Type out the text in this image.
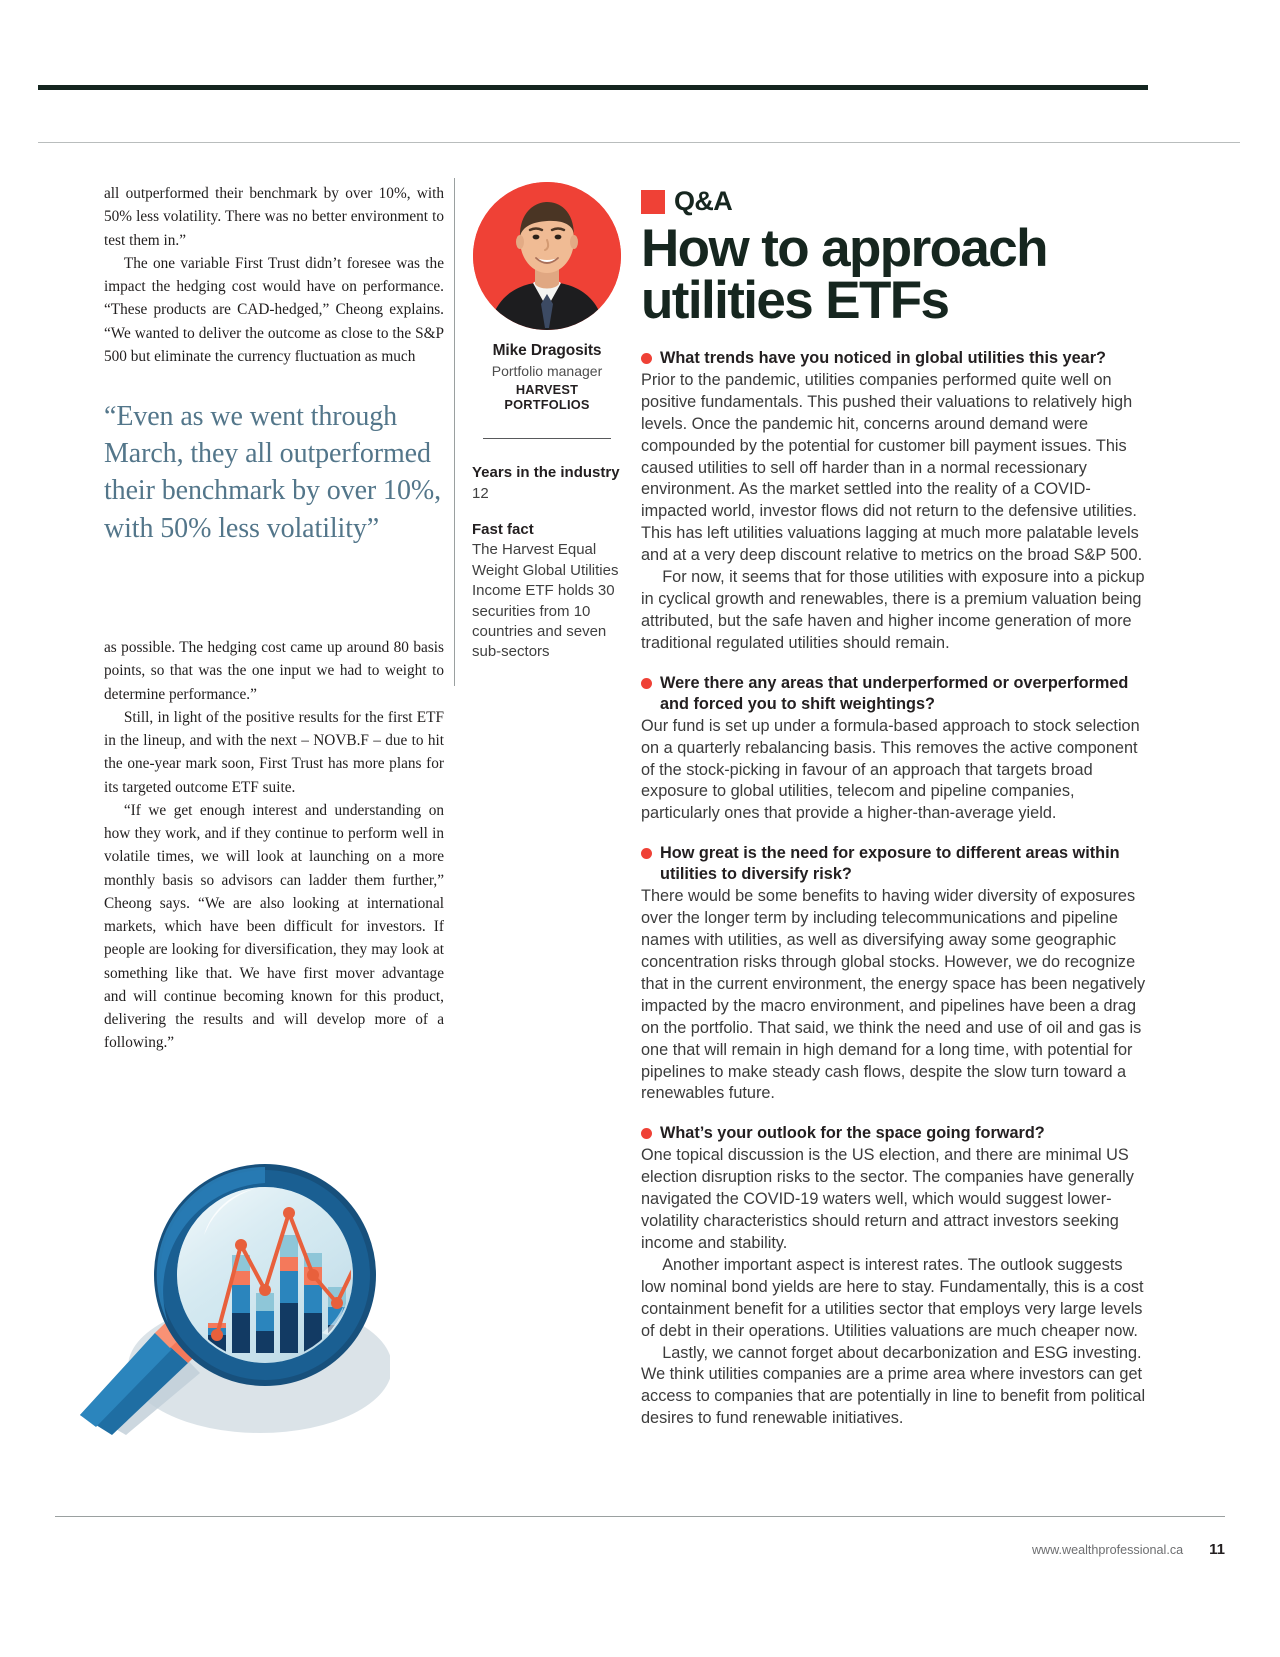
all outperformed their benchmark by over 10%, with 50% less volatility. There was no better environment to test them in.”

The one variable First Trust didn’t foresee was the impact the hedging cost would have on performance. “These products are CAD-hedged,” Cheong explains. “We wanted to deliver the outcome as close to the S&P 500 but eliminate the currency fluctuation as much

“Even as we went through March, they all outperformed their benchmark by over 10%, with 50% less volatility”

as possible. The hedging cost came up around 80 basis points, so that was the one input we had to weight to determine performance.”

Still, in light of the positive results for the first ETF in the lineup, and with the next – NOVB.F – due to hit the one-year mark soon, First Trust has more plans for its targeted outcome ETF suite.

“If we get enough interest and understanding on how they work, and if they continue to perform well in volatile times, we will look at launching on a more monthly basis so advisors can ladder them further,” Cheong says. “We are also looking at international markets, which have been difficult for investors. If people are looking for diversification, they may look at something like that. We have first mover advantage and will continue becoming known for this product, delivering the results and will develop more of a following.”

Mike Dragosits
Portfolio manager
HARVEST PORTFOLIOS
Years in the industry
12
Fast fact
The Harvest Equal Weight Global Utilities Income ETF holds 30 securities from 10 countries and seven sub-sectors
Q&A
How to approach utilities ETFs
What trends have you noticed in global utilities this year?

Prior to the pandemic, utilities companies performed quite well on positive fundamentals. This pushed their valuations to relatively high levels. Once the pandemic hit, concerns around demand were compounded by the potential for customer bill payment issues. This caused utilities to sell off harder than in a normal recessionary environment. As the market settled into the reality of a COVID-impacted world, investor flows did not return to the defensive utilities. This has left utilities valuations lagging at much more palatable levels and at a very deep discount relative to metrics on the broad S&P 500.

For now, it seems that for those utilities with exposure into a pickup in cyclical growth and renewables, there is a premium valuation being attributed, but the safe haven and higher income generation of more traditional regulated utilities should remain.

Were there any areas that underperformed or overperformed and forced you to shift weightings?

Our fund is set up under a formula-based approach to stock selection on a quarterly rebalancing basis. This removes the active component of the stock-picking in favour of an approach that targets broad exposure to global utilities, telecom and pipeline companies, particularly ones that provide a higher-than-average yield.

How great is the need for exposure to different areas within utilities to diversify risk?

There would be some benefits to having wider diversity of exposures over the longer term by including telecommunications and pipeline names with utilities, as well as diversifying away some geographic concentration risks through global stocks. However, we do recognize that in the current environment, the energy space has been negatively impacted by the macro environment, and pipelines have been a drag on the portfolio. That said, we think the need and use of oil and gas is one that will remain in high demand for a long time, with potential for pipelines to make steady cash flows, despite the slow turn toward a renewables future.

What’s your outlook for the space going forward?

One topical discussion is the US election, and there are minimal US election disruption risks to the sector. The companies have generally navigated the COVID-19 waters well, which would suggest lower-volatility characteristics should return and attract investors seeking income and stability.

Another important aspect is interest rates. The outlook suggests low nominal bond yields are here to stay. Fundamentally, this is a cost containment benefit for a utilities sector that employs very large levels of debt in their operations. Utilities valuations are much cheaper now.

Lastly, we cannot forget about decarbonization and ESG investing. We think utilities companies are a prime area where investors can get access to companies that are potentially in line to benefit from political desires to fund renewable initiatives.

www.wealthprofessional.ca 11
